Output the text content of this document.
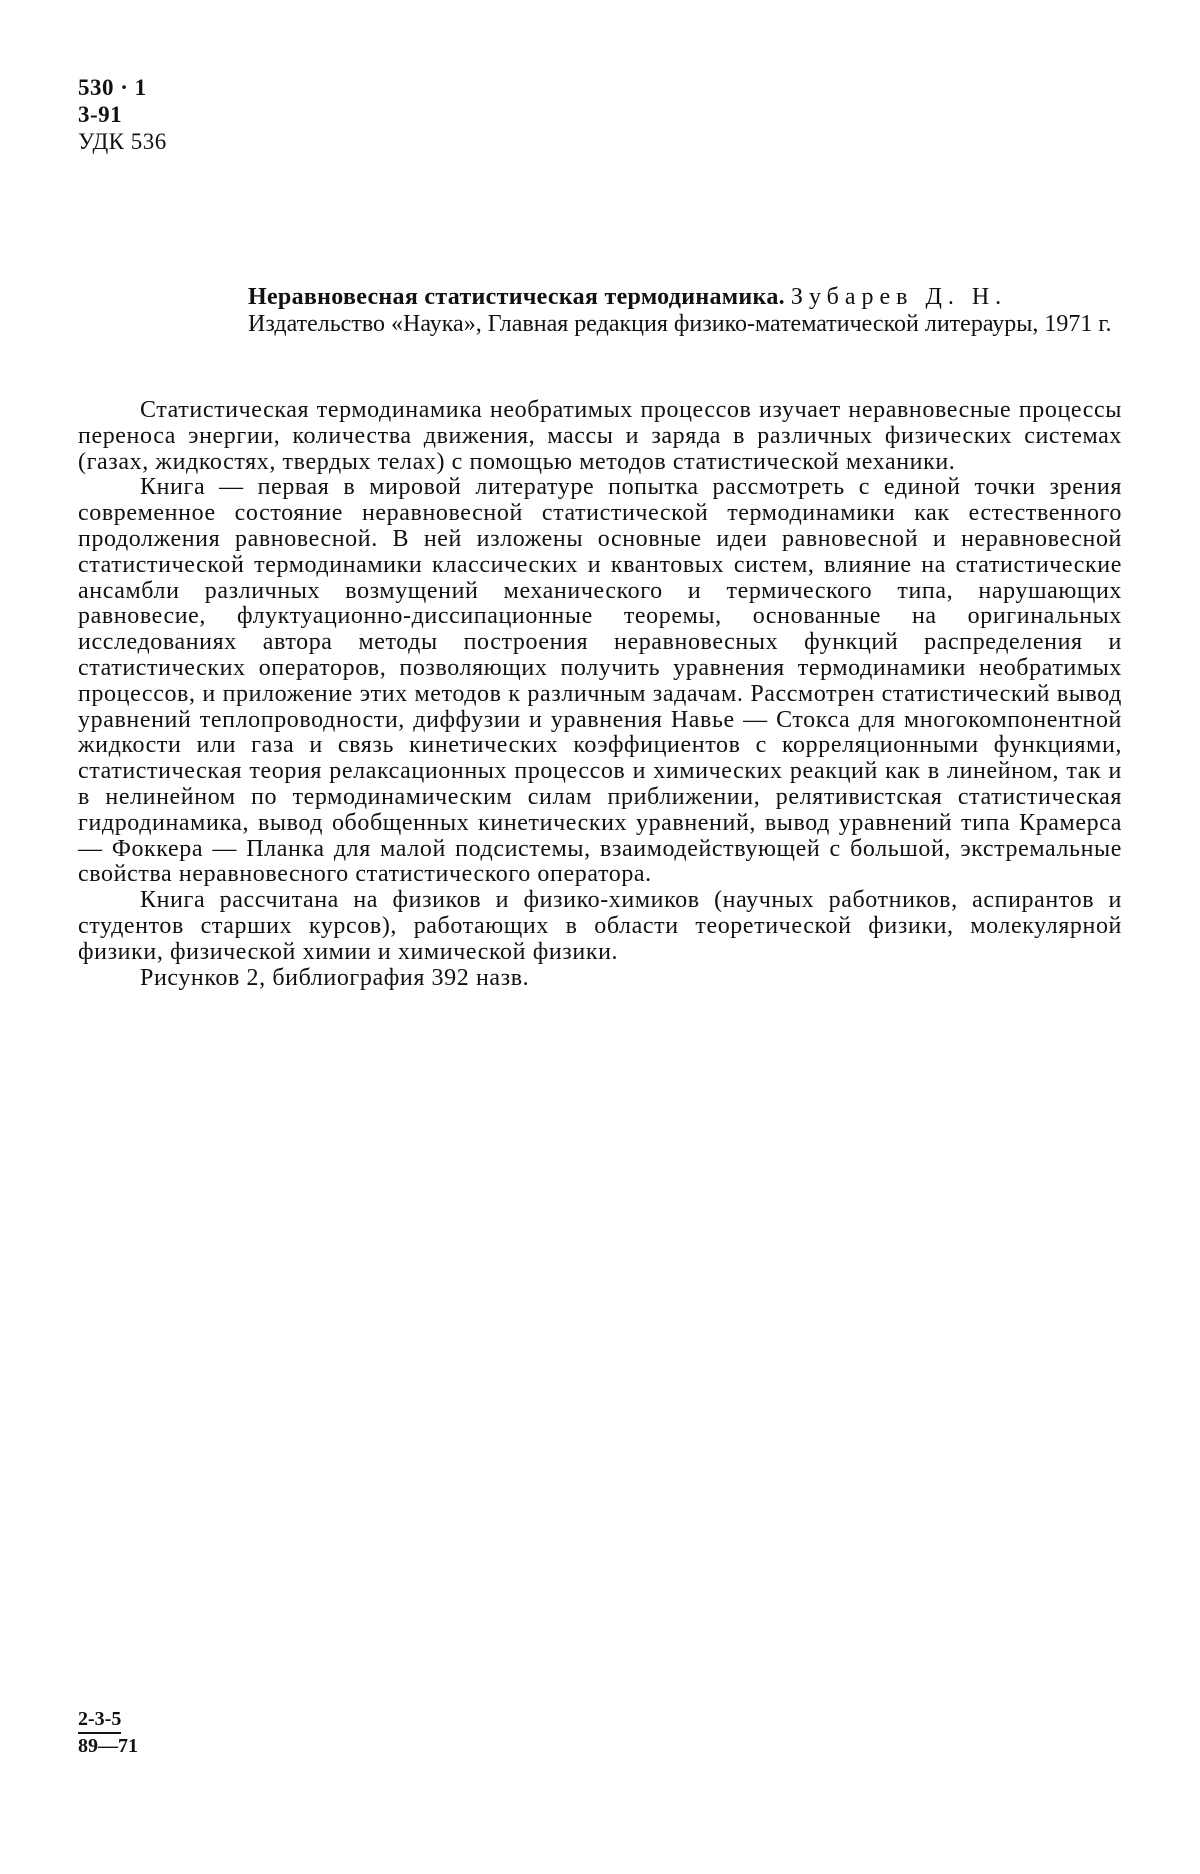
530 · 1
3-91
УДК 536
Неравновесная статистическая термодинамика. Зубарев Д. Н. Издательство «Наука», Главная редакция физико-математической литерауры, 1971 г.

Статистическая термодинамика необратимых процессов изучает неравновесные процессы переноса энергии, количества движения, массы и заряда в различных физических системах (газах, жидкостях, твердых телах) с помощью методов статистической механики.

Книга — первая в мировой литературе попытка рассмотреть с единой точки зрения современное состояние неравновесной статистической термодинамики как естественного продолжения равновесной. В ней изложены основные идеи равновесной и неравновесной статистической термодинамики классических и квантовых систем, влияние на статистические ансамбли различных возмущений механического и термического типа, нарушающих равновесие, флуктуационно-диссипационные теоремы, основанные на оригинальных исследованиях автора методы построения неравновесных функций распределения и статистических операторов, позволяющих получить уравнения термодинамики необратимых процессов, и приложение этих методов к различным задачам. Рассмотрен статистический вывод уравнений теплопроводности, диффузии и уравнения Навье — Стокса для многокомпонентной жидкости или газа и связь кинетических коэффициентов с корреляционными функциями, статистическая теория релаксационных процессов и химических реакций как в линейном, так и в нелинейном по термодинамическим силам приближении, релятивистская статистическая гидродинамика, вывод обобщенных кинетических уравнений, вывод уравнений типа Крамерса — Фоккера — Планка для малой подсистемы, взаимодействующей с большой, экстремальные свойства неравновесного статистического оператора.

Книга рассчитана на физиков и физико-химиков (научных работников, аспирантов и студентов старших курсов), работающих в области теоретической физики, молекулярной физики, физической химии и химической физики.

Рисунков 2, библиография 392 назв.

2-3-5
89—71
